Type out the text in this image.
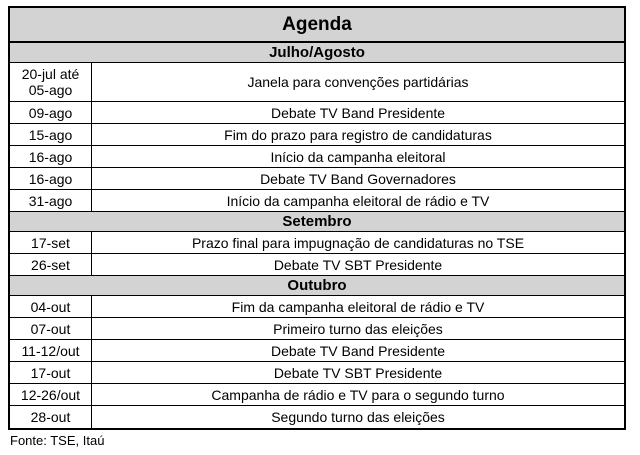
Agenda
Julho/Agosto
20-jul até
05-ago	Janela para convenções partidárias
09-ago	Debate TV Band Presidente
15-ago	Fim do prazo para registro de candidaturas
16-ago	Início da campanha eleitoral
16-ago	Debate TV Band Governadores
31-ago	Início da campanha eleitoral de rádio e TV
Setembro
17-set	Prazo final para impugnação de candidaturas no TSE
26-set	Debate TV SBT Presidente
Outubro
04-out	Fim da campanha eleitoral de rádio e TV
07-out	Primeiro turno das eleições
11-12/out	Debate TV Band Presidente
17-out	Debate TV SBT Presidente
12-26/out	Campanha de rádio e TV para o segundo turno
28-out	Segundo turno das eleições
Fonte: TSE, Itaú
